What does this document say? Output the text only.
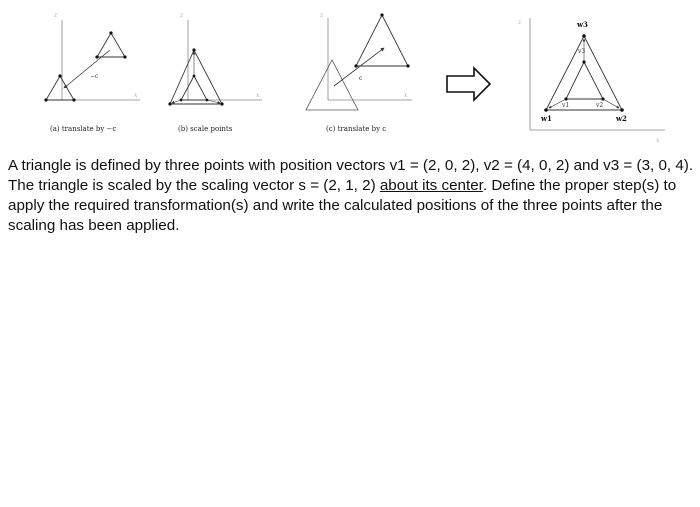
z
x
−c
(a) translate by −c
z
x
(b) scale points
z
x
c
(c) translate by c
z
x
w3
v3
w1	w2
v1	v2

A triangle is defined by three points with position vectors v1 = (2, 0, 2), v2 = (4, 0, 2) and v3 = (3, 0, 4). The triangle is scaled by the scaling vector s = (2, 1, 2) about its center. Define the proper step(s) to apply the required transformation(s) and write the calculated positions of the three points after the scaling has been applied.
